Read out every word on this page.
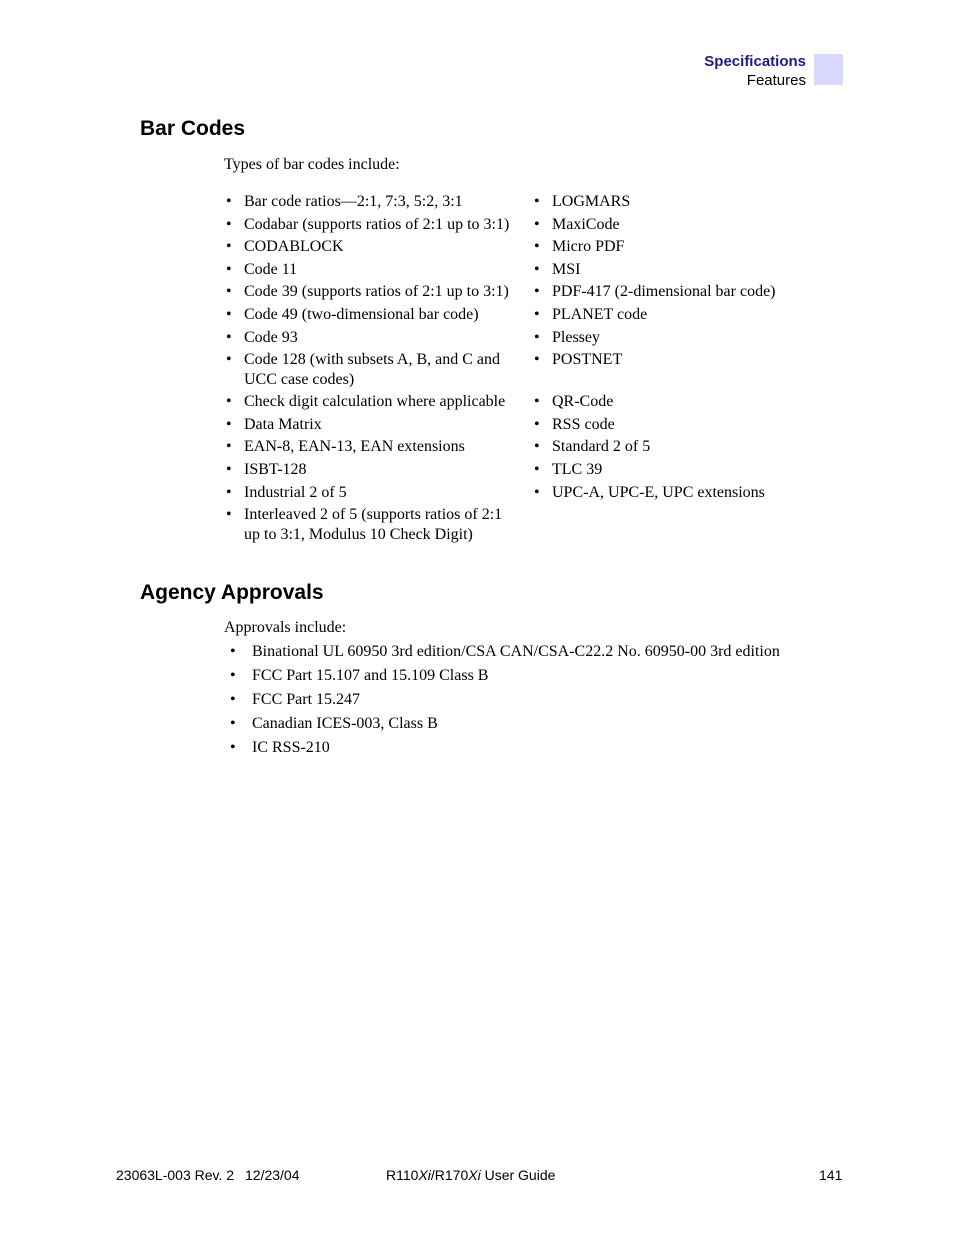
Specifications
Features
Bar Codes

Types of bar codes include:

• Bar code ratios—2:1, 7:3, 5:2, 3:1
• Codabar (supports ratios of 2:1 up to 3:1)
• CODABLOCK
• Code 11
• Code 39 (supports ratios of 2:1 up to 3:1)
• Code 49 (two-dimensional bar code)
• Code 93
• Code 128 (with subsets A, B, and C and
UCC case codes)
• Check digit calculation where applicable
• Data Matrix
• EAN-8, EAN-13, EAN extensions
• ISBT-128
• Industrial 2 of 5
• Interleaved 2 of 5 (supports ratios of 2:1
up to 3:1, Modulus 10 Check Digit)
• LOGMARS
• MaxiCode
• Micro PDF
• MSI
• PDF-417 (2-dimensional bar code)
• PLANET code
• Plessey
• POSTNET
• QR-Code
• RSS code
• Standard 2 of 5
• TLC 39
• UPC-A, UPC-E, UPC extensions
Agency Approvals

Approvals include:

• Binational UL 60950 3rd edition/CSA CAN/CSA-C22.2 No. 60950-00 3rd edition
• FCC Part 15.107 and 15.109 Class B
• FCC Part 15.247
• Canadian ICES-003, Class B
• IC RSS-210
23063L-003 Rev. 2 12/23/04	R110Xi/R170Xi User Guide	141
